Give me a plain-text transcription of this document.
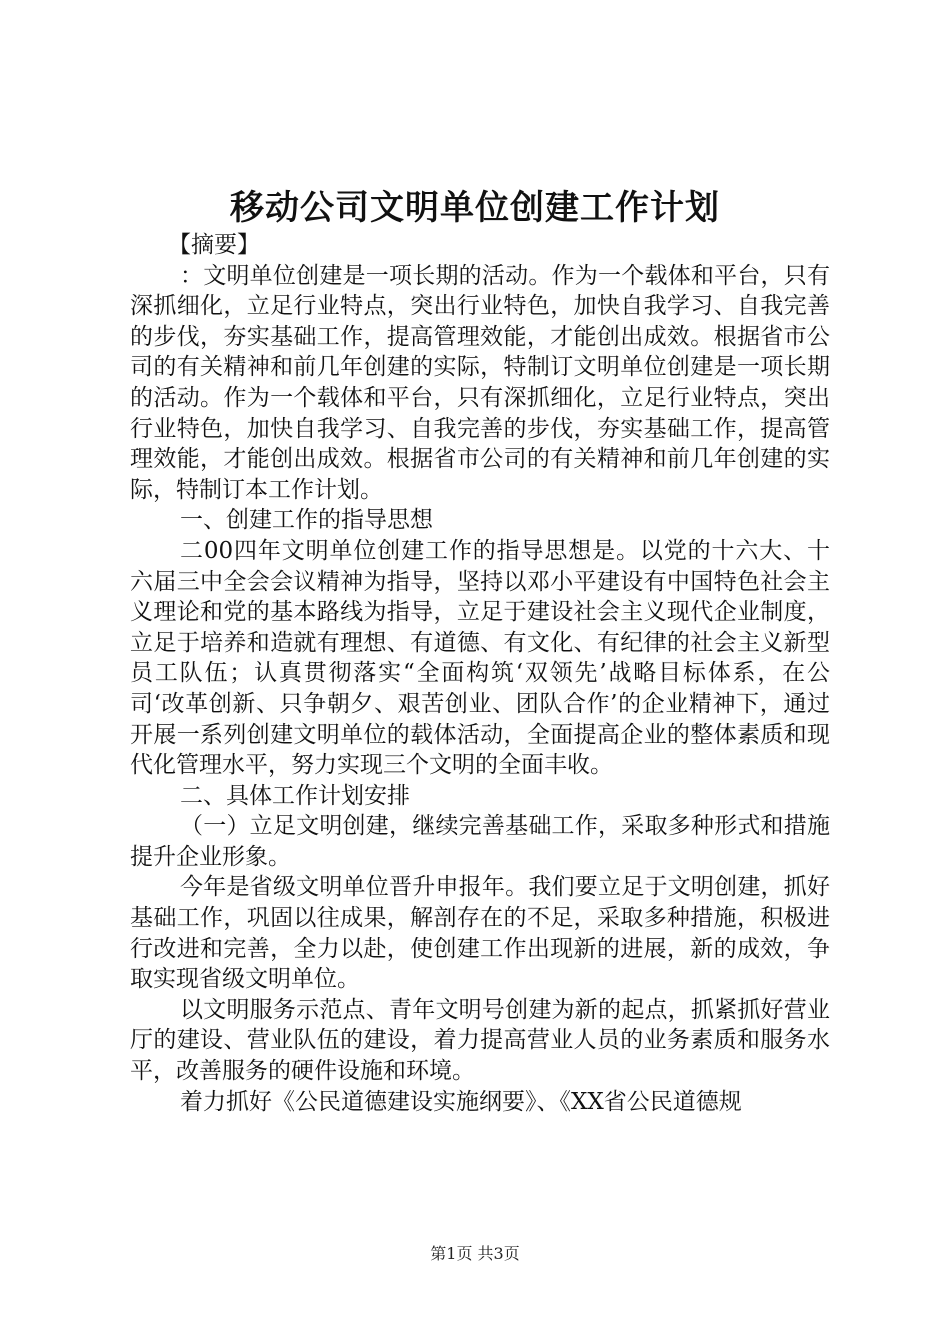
移动公司文明单位创建工作计划

【摘要】

：文明单位创建是一项长期的活动。作为一个载体和平台，只有深抓细化，立足行业特点，突出行业特色，加快自我学习、自我完善的步伐，夯实基础工作，提高管理效能，才能创出成效。根据省市公司的有关精神和前几年创建的实际，特制订文明单位创建是一项长期的活动。作为一个载体和平台，只有深抓细化，立足行业特点，突出行业特色，加快自我学习、自我完善的步伐，夯实基础工作，提高管理效能，才能创出成效。根据省市公司的有关精神和前几年创建的实际，特制订本工作计划。

一、创建工作的指导思想

二00四年文明单位创建工作的指导思想是。以党的十六大、十六届三中全会会议精神为指导，坚持以邓小平建设有中国特色社会主义理论和党的基本路线为指导，立足于建设社会主义现代企业制度，立足于培养和造就有理想、有道德、有文化、有纪律的社会主义新型员工队伍；认真贯彻落实“全面构筑‘双领先’战略目标体系，在公司‘改革创新、只争朝夕、艰苦创业、团队合作’的企业精神下，通过开展一系列创建文明单位的载体活动，全面提高企业的整体素质和现代化管理水平，努力实现三个文明的全面丰收。

二、具体工作计划安排

（一）立足文明创建，继续完善基础工作，采取多种形式和措施提升企业形象。

今年是省级文明单位晋升申报年。我们要立足于文明创建，抓好基础工作，巩固以往成果，解剖存在的不足，采取多种措施，积极进行改进和完善，全力以赴，使创建工作出现新的进展，新的成效，争取实现省级文明单位。

以文明服务示范点、青年文明号创建为新的起点，抓紧抓好营业厅的建设、营业队伍的建设，着力提高营业人员的业务素质和服务水平，改善服务的硬件设施和环境。

着力抓好《公民道德建设实施纲要》、《XX省公民道德规

第1页 共3页
